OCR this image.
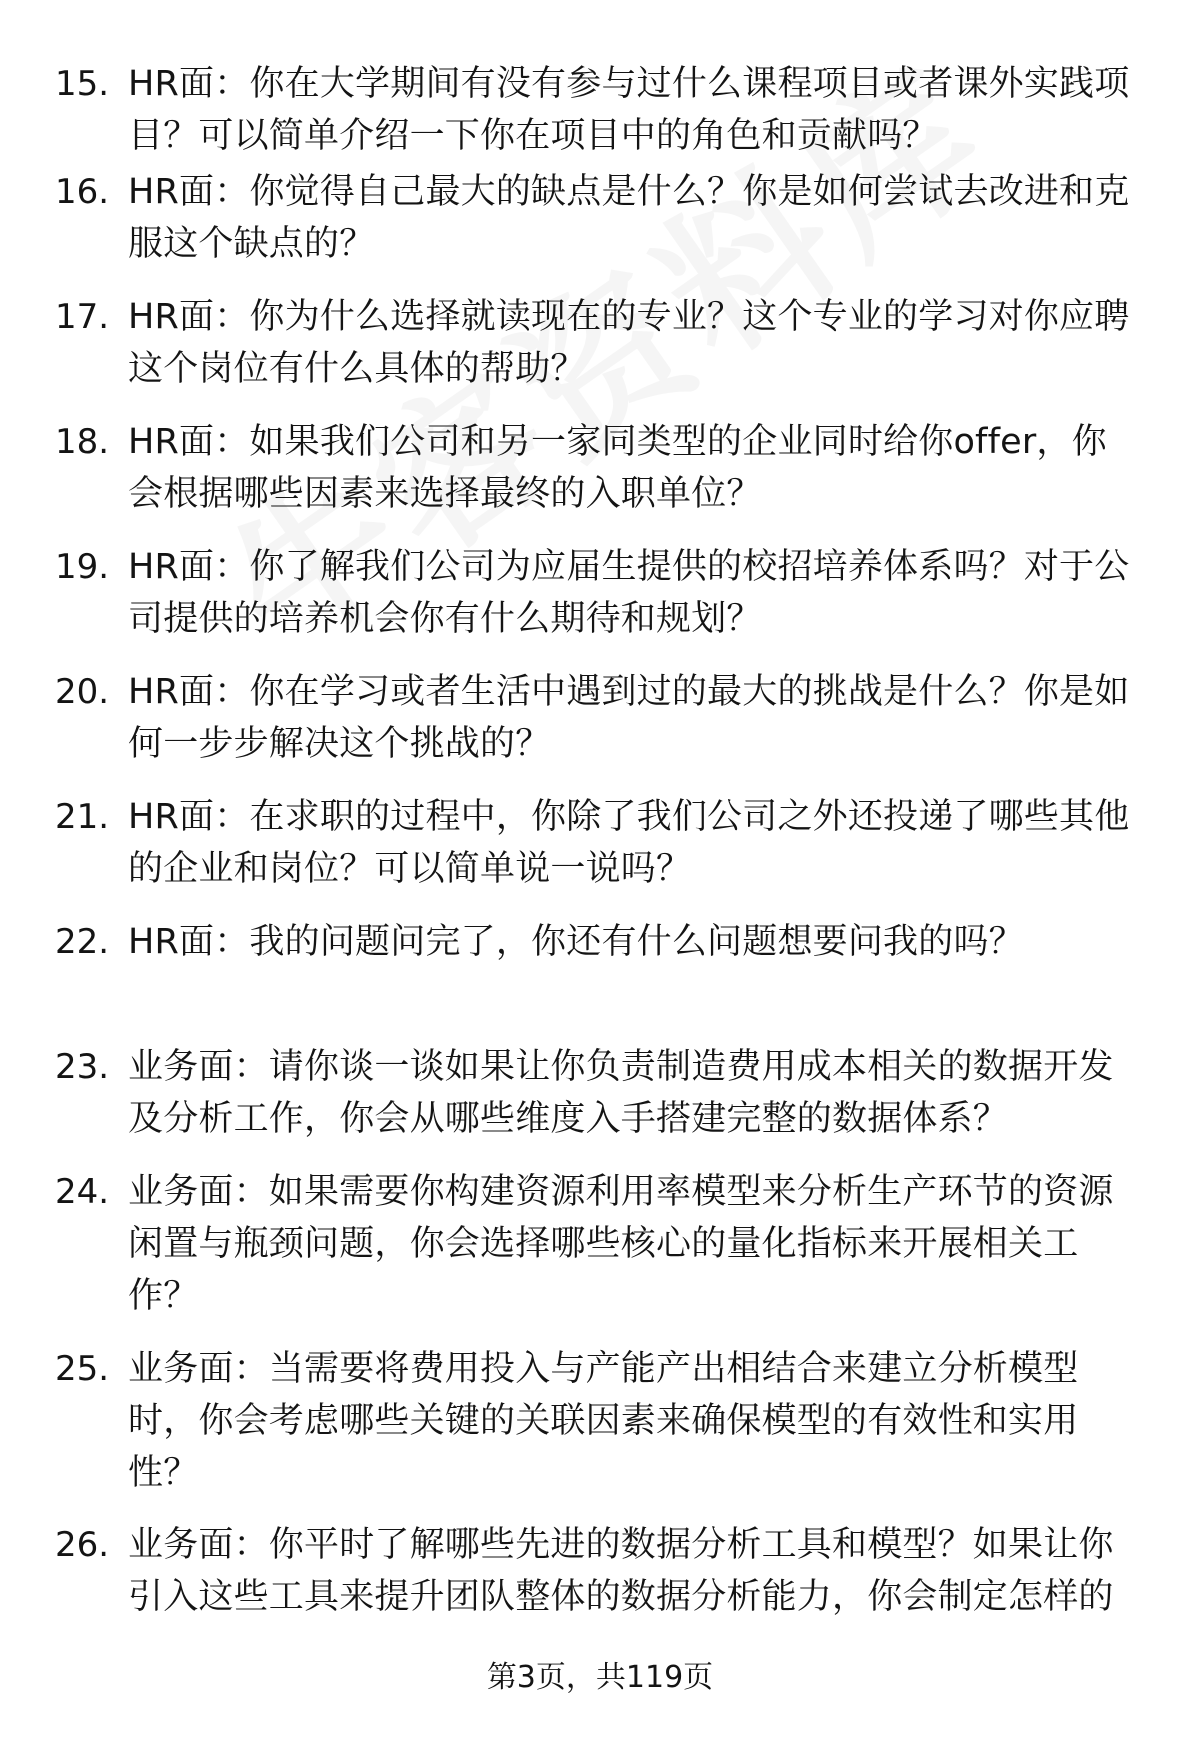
15. HR面：你在大学期间有没有参与过什么课程项目或者课外实践项目？可以简单介绍一下你在项目中的角色和贡献吗？
16. HR面：你觉得自己最大的缺点是什么？你是如何尝试去改进和克服这个缺点的？
17. HR面：你为什么选择就读现在的专业？这个专业的学习对你应聘这个岗位有什么具体的帮助？
18. HR面：如果我们公司和另一家同类型的企业同时给你offer，你会根据哪些因素来选择最终的入职单位？
19. HR面：你了解我们公司为应届生提供的校招培养体系吗？对于公司提供的培养机会你有什么期待和规划？
20. HR面：你在学习或者生活中遇到过的最大的挑战是什么？你是如何一步步解决这个挑战的？
21. HR面：在求职的过程中，你除了我们公司之外还投递了哪些其他的企业和岗位？可以简单说一说吗？
22. HR面：我的问题问完了，你还有什么问题想要问我的吗？
23. 业务面：请你谈一谈如果让你负责制造费用成本相关的数据开发及分析工作，你会从哪些维度入手搭建完整的数据体系？
24. 业务面：如果需要你构建资源利用率模型来分析生产环节的资源闲置与瓶颈问题，你会选择哪些核心的量化指标来开展相关工作？
25. 业务面：当需要将费用投入与产能产出相结合来建立分析模型时，你会考虑哪些关键的关联因素来确保模型的有效性和实用性？
26. 业务面：你平时了解哪些先进的数据分析工具和模型？如果让你引入这些工具来提升团队整体的数据分析能力，你会制定怎样的
第3页，共119页
